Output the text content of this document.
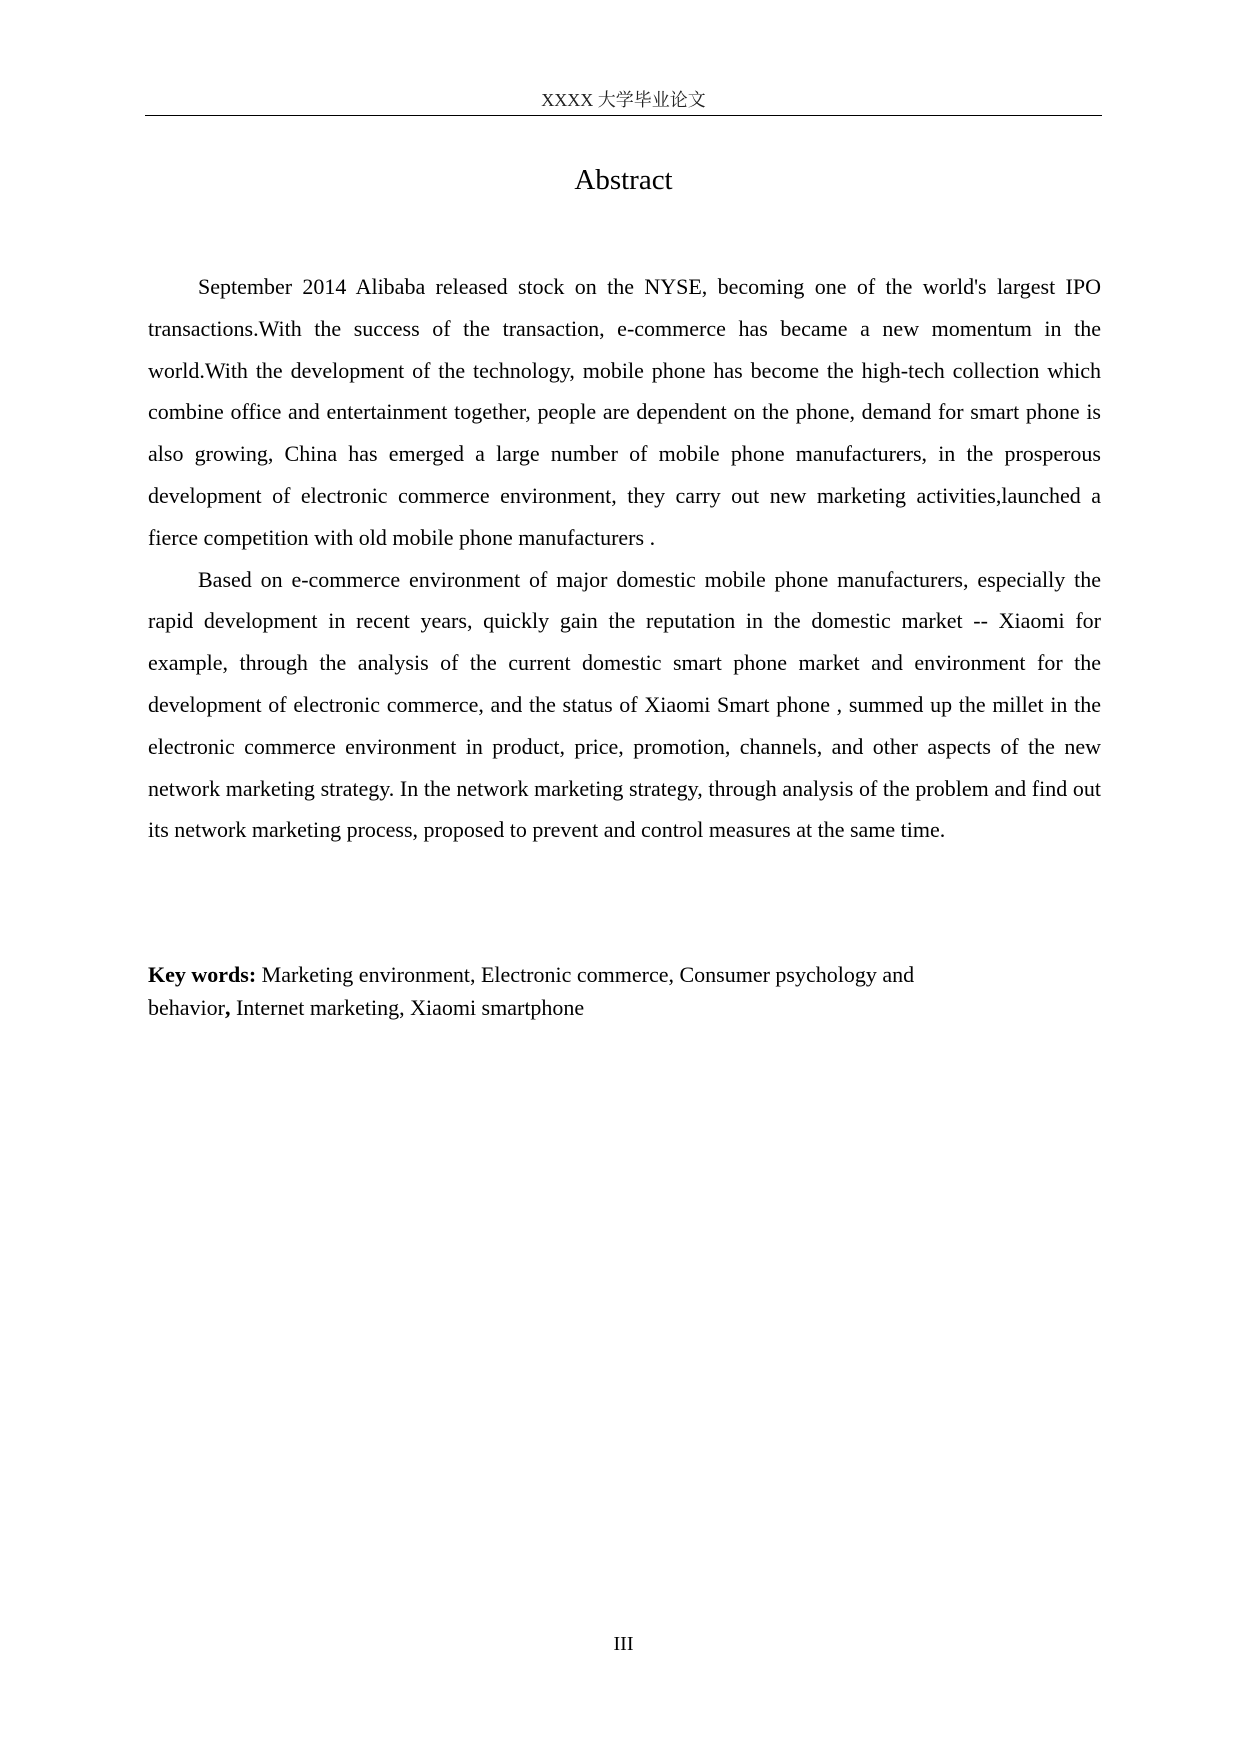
XXXX 大学毕业论文
Abstract

September 2014 Alibaba released stock on the NYSE, becoming one of the world's largest IPO transactions.With the success of the transaction, e-commerce has became a new momentum in the world.With the development of the technology, mobile phone has become the high-tech collection which combine office and entertainment together, people are dependent on the phone, demand for smart phone is also growing, China has emerged a large number of mobile phone manufacturers, in the prosperous development of electronic commerce environment, they carry out new marketing activities,launched a fierce competition with old mobile phone manufacturers .

Based on e-commerce environment of major domestic mobile phone manufacturers, especially the rapid development in recent years, quickly gain the reputation in the domestic market -- Xiaomi for example, through the analysis of the current domestic smart phone market and environment for the development of electronic commerce, and the status of Xiaomi Smart phone , summed up the millet in the electronic commerce environment in product, price, promotion, channels, and other aspects of the new network marketing strategy. In the network marketing strategy, through analysis of the problem and find out its network marketing process, proposed to prevent and control measures at the same time.

Key words: Marketing environment, Electronic commerce, Consumer psychology and
behavior, Internet marketing, Xiaomi smartphone
III
